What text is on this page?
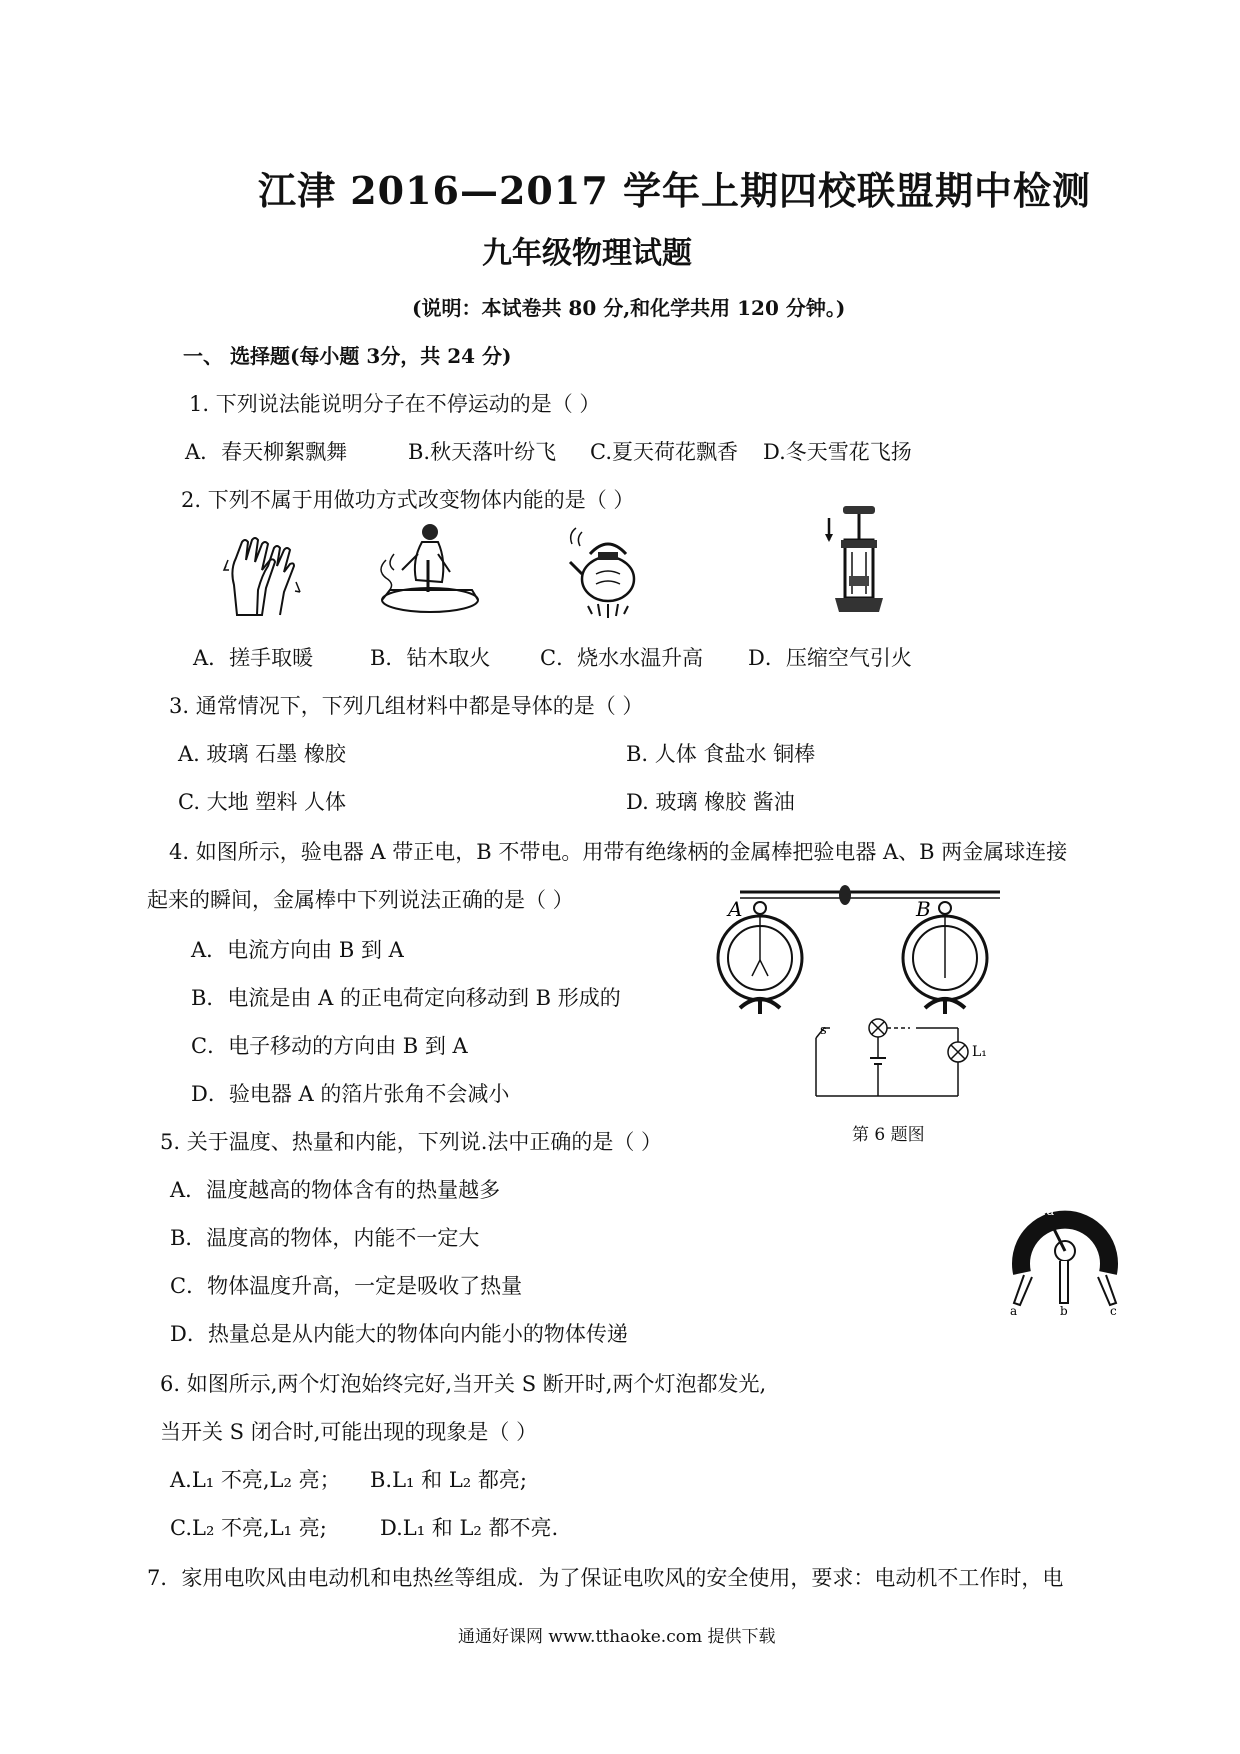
江津 2016—2017 学年上期四校联盟期中检测
九年级物理试题
(说明：本试卷共 80 分,和化学共用 120 分钟。)
一、 选择题(每小题 3分，共 24 分)
1. 下列说法能说明分子在不停运动的是（ ）
A．春天柳絮飘舞	B.秋天落叶纷飞 C.夏天荷花飘香 D.冬天雪花飞扬
2. 下列不属于用做功方式改变物体内能的是（ ）
A．搓手取暖	B．钻木取火 C．烧水水温升高 D．压缩空气引火
3. 通常情况下，下列几组材料中都是导体的是（ ）
A. 玻璃 石墨 橡胶	B. 人体 食盐水 铜棒
C. 大地 塑料 人体	D. 玻璃 橡胶 酱油
4. 如图所示，验电器 A 带正电，B 不带电。用带有绝缘柄的金属棒把验电器 A、B 两金属球连接
起来的瞬间，金属棒中下列说法正确的是（ ）
A．电流方向由 B 到 A
B．电流是由 A 的正电荷定向移动到 B 形成的
C．电子移动的方向由 B 到 A
D．验电器 A 的箔片张角不会减小
A	B
s
L₁
第 6 题图
5. 关于温度、热量和内能，下列说.法中正确的是（ ）
A．温度越高的物体含有的热量越多
B．温度高的物体，内能不一定大
C．物体温度升高，一定是吸收了热量
D．热量总是从内能大的物体向内能小的物体传递
d
a	b	c
6. 如图所示,两个灯泡始终完好,当开关 S 断开时,两个灯泡都发光,
当开关 S 闭合时,可能出现的现象是（ ）
A.L₁ 不亮,L₂ 亮； B.L₁ 和 L₂ 都亮;
C.L₂ 不亮,L₁ 亮;	D.L₁ 和 L₂ 都不亮.
7．家用电吹风由电动机和电热丝等组成．为了保证电吹风的安全使用，要求：电动机不工作时，电
通通好课网 www.tthaoke.com 提供下载
